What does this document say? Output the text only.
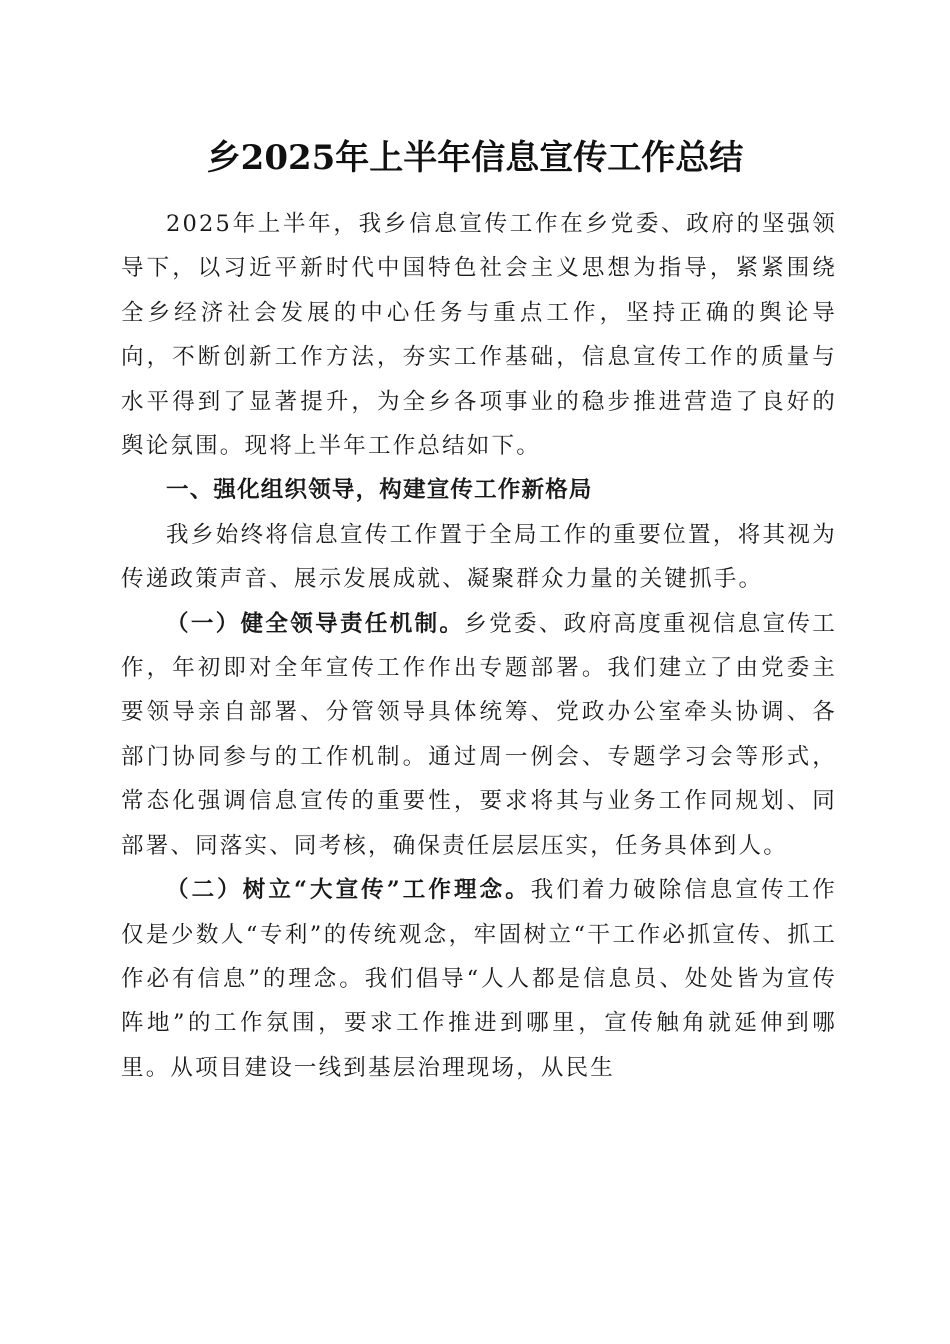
乡2025年上半年信息宣传工作总结

2025年上半年，我乡信息宣传工作在乡党委、政府的坚强领导下，以习近平新时代中国特色社会主义思想为指导，紧紧围绕全乡经济社会发展的中心任务与重点工作，坚持正确的舆论导向，不断创新工作方法，夯实工作基础，信息宣传工作的质量与水平得到了显著提升，为全乡各项事业的稳步推进营造了良好的舆论氛围。现将上半年工作总结如下。

一、强化组织领导，构建宣传工作新格局

我乡始终将信息宣传工作置于全局工作的重要位置，将其视为传递政策声音、展示发展成就、凝聚群众力量的关键抓手。

（一）健全领导责任机制。乡党委、政府高度重视信息宣传工作，年初即对全年宣传工作作出专题部署。我们建立了由党委主要领导亲自部署、分管领导具体统筹、党政办公室牵头协调、各部门协同参与的工作机制。通过周一例会、专题学习会等形式，常态化强调信息宣传的重要性，要求将其与业务工作同规划、同部署、同落实、同考核，确保责任层层压实，任务具体到人。

（二）树立“大宣传”工作理念。我们着力破除信息宣传工作仅是少数人“专利”的传统观念，牢固树立“干工作必抓宣传、抓工作必有信息”的理念。我们倡导“人人都是信息员、处处皆为宣传阵地”的工作氛围，要求工作推进到哪里，宣传触角就延伸到哪里。从项目建设一线到基层治理现场，从民生
